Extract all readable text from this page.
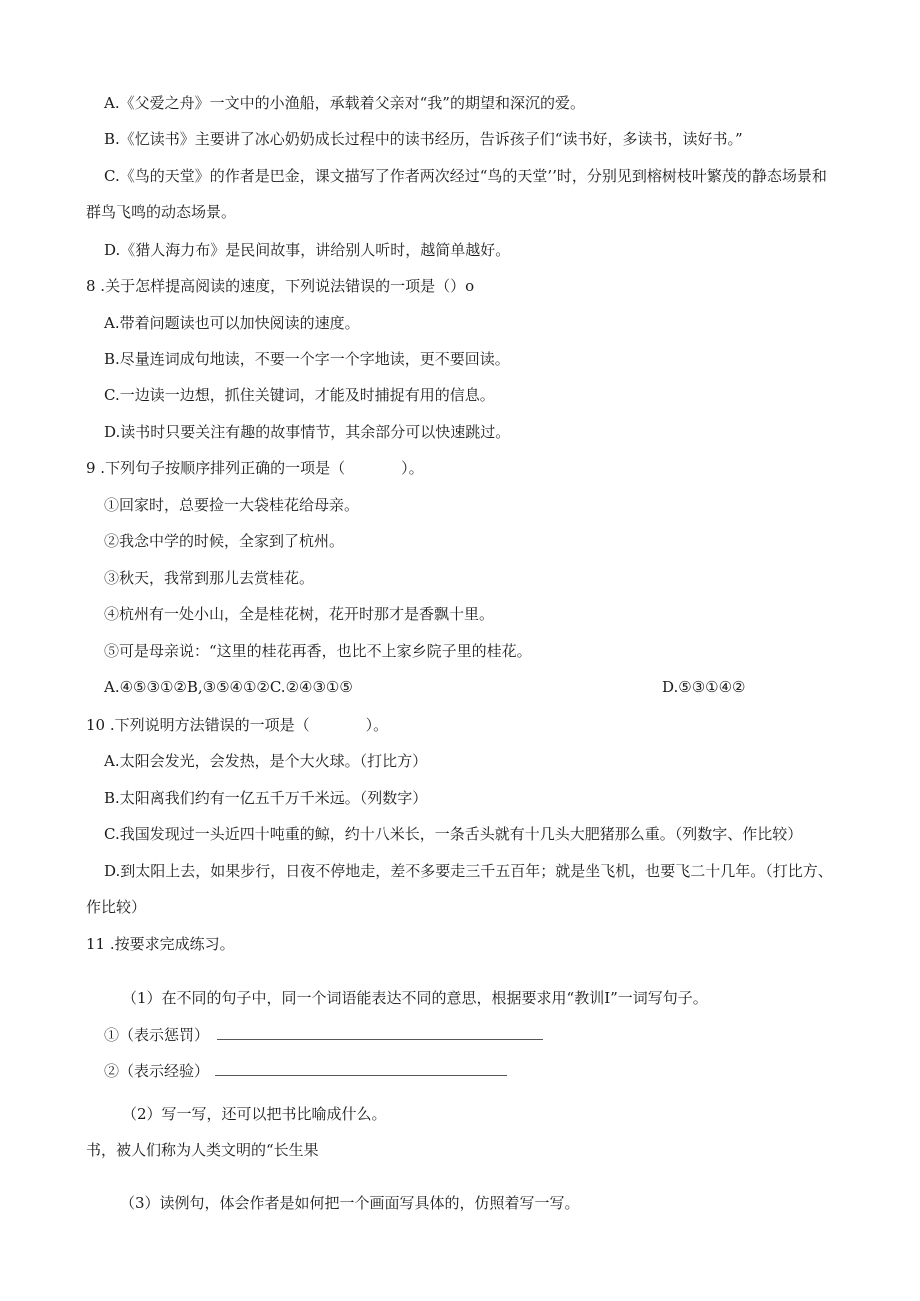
A.《父爱之舟》一文中的小渔船，承载着父亲对“我”的期望和深沉的爱。
B.《忆读书》主要讲了冰心奶奶成长过程中的读书经历，告诉孩子们“读书好，多读书，读好书。”
C.《鸟的天堂》的作者是巴金，课文描写了作者两次经过“鸟的天堂’’时，分别见到榕树枝叶繁茂的静态场景和
群鸟飞鸣的动态场景。
D.《猎人海力布》是民间故事，讲给别人听时，越简单越好。
8 .关于怎样提高阅读的速度，下列说法错误的一项是（）o
A.带着问题读也可以加快阅读的速度。
B.尽量连词成句地读，不要一个字一个字地读，更不要回读。
C.一边读一边想，抓住关键词，才能及时捕捉有用的信息。
D.读书时只要关注有趣的故事情节，其余部分可以快速跳过。
9 .下列句子按顺序排列正确的一项是（	）。
①回家时，总要捡一大袋桂花给母亲。
②我念中学的时候，全家到了杭州。
③秋天，我常到那儿去赏桂花。
④杭州有一处小山，全是桂花树，花开时那才是香飘十里。
⑤可是母亲说：“这里的桂花再香，也比不上家乡院子里的桂花。
A.④⑤③①②B,③⑤④①②C.②④③①⑤	D.⑤③①④②
10 .下列说明方法错误的一项是（	）。
A.太阳会发光，会发热，是个大火球。（打比方）
B.太阳离我们约有一亿五千万千米远。（列数字）
C.我国发现过一头近四十吨重的鲸，约十八米长，一条舌头就有十几头大肥猪那么重。（列数字、作比较）
D.到太阳上去，如果步行，日夜不停地走，差不多要走三千五百年；就是坐飞机，也要飞二十几年。（打比方、
作比较）
11 .按要求完成练习。
（1）在不同的句子中，同一个词语能表达不同的意思，根据要求用“教训I”一词写句子。
①（表示惩罚）
②（表示经验）
（2）写一写，还可以把书比喻成什么。
书，被人们称为人类文明的“长生果
（3）读例句，体会作者是如何把一个画面写具体的，仿照着写一写。
